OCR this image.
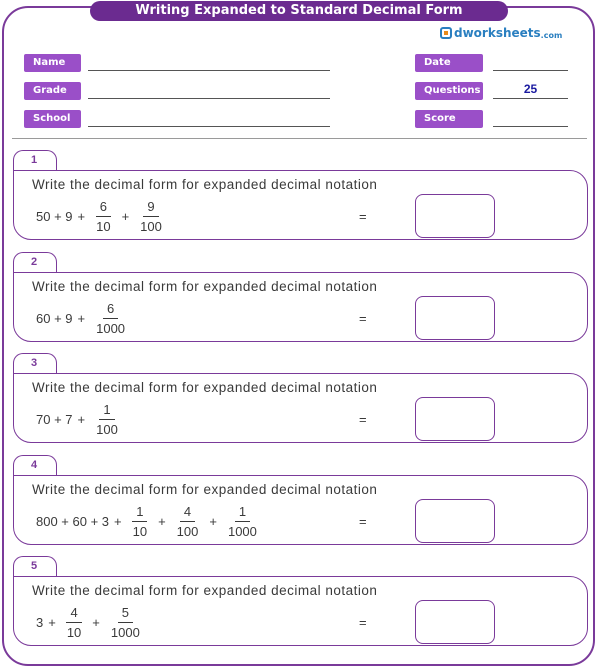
Writing Expanded to Standard Decimal Form
dworksheets .com
Name
Grade
School
Date
Questions	25
Score
1
Write the decimal form for expanded decimal notation
$50 + 9 + \frac{6}{10} + \frac{9}{100}$	=
2
Write the decimal form for expanded decimal notation
$60 + 9 + \frac{6}{1000}$	=
3
Write the decimal form for expanded decimal notation
$70 + 7 + \frac{1}{100}$	=
4
Write the decimal form for expanded decimal notation
$800 + 60 + 3 + \frac{1}{10} + \frac{4}{100} + \frac{1}{1000}$	=
5
Write the decimal form for expanded decimal notation
$3 + \frac{4}{10} + \frac{5}{1000}$	=
